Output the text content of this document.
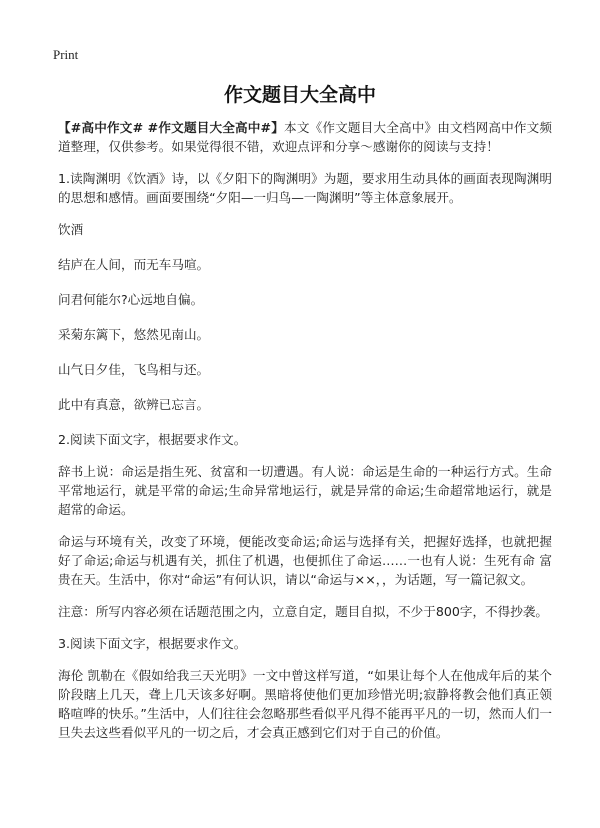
Print
作文题目大全高中

【#高中作文# #作文题目大全高中#】本文《作文题目大全高中》由文档网高中作文频道整理，仅供参考。如果觉得很不错，欢迎点评和分享～感谢你的阅读与支持！

1.读陶渊明《饮酒》诗，以《夕阳下的陶渊明》为题，要求用生动具体的画面表现陶渊明的思想和感情。画面要围绕“夕阳—一归鸟—一陶渊明”等主体意象展开。

饮酒

结庐在人间，而无车马喧。

问君何能尔?心远地自偏。

采菊东篱下，悠然见南山。

山气日夕佳，飞鸟相与还。

此中有真意，欲辨已忘言。

2.阅读下面文字，根据要求作文。

辞书上说：命运是指生死、贫富和一切遭遇。有人说：命运是生命的一种运行方式。生命平常地运行，就是平常的命运;生命异常地运行，就是异常的命运;生命超常地运行，就是超常的命运。

命运与环境有关，改变了环境，便能改变命运;命运与选择有关，把握好选择，也就把握好了命运;命运与机遇有关，抓住了机遇，也便抓住了命运……一也有人说：生死有命 富贵在天。生活中，你对“命运”有何认识，请以“命运与××，，为话题，写一篇记叙文。

注意：所写内容必须在话题范围之内，立意自定，题目自拟，不少于800字，不得抄袭。

3.阅读下面文字，根据要求作文。

海伦 凯勒在《假如给我三天光明》一文中曾这样写道，“如果让每个人在他成年后的某个阶段瞎上几天，聋上几天该多好啊。黑暗将使他们更加珍惜光明;寂静将教会他们真正领略喧哗的快乐。”生活中，人们往往会忽略那些看似平凡得不能再平凡的一切，然而人们一旦失去这些看似平凡的一切之后，才会真正感到它们对于自己的价值。
